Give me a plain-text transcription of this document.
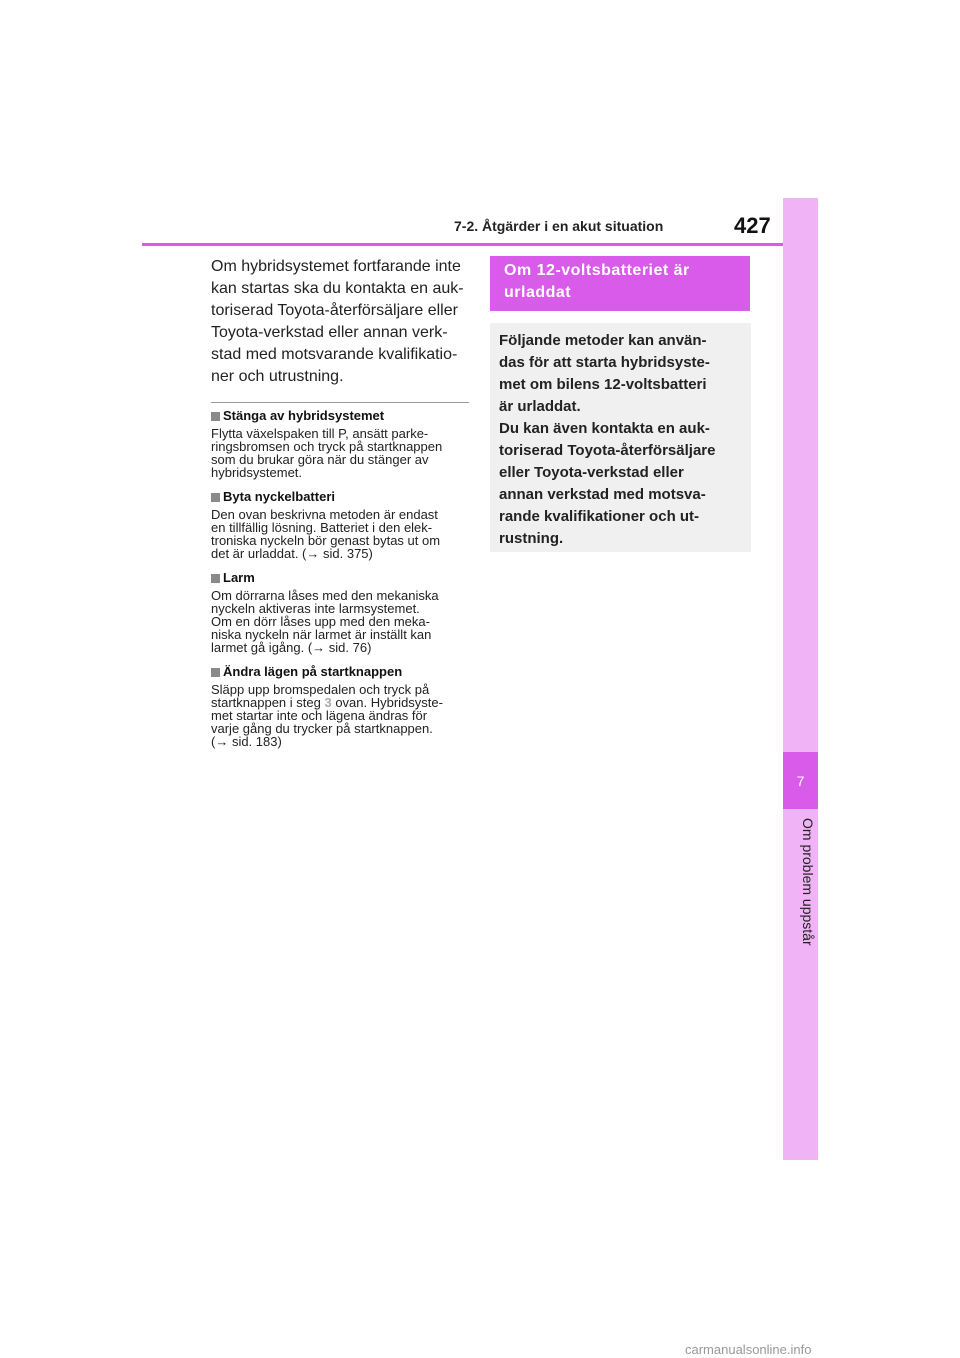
7
Om problem uppstår
7-2. Åtgärder i en akut situation	427

Om hybridsystemet fortfarande inte
kan startas ska du kontakta en auk-
toriserad Toyota-återförsäljare eller
Toyota-verkstad eller annan verk-
stad med motsvarande kvalifikatio-
ner och utrustning.

Stänga av hybridsystemet
Flytta växelspaken till P, ansätt parke-
ringsbromsen och tryck på startknappen
som du brukar göra när du stänger av
hybridsystemet.
Byta nyckelbatteri
Den ovan beskrivna metoden är endast
en tillfällig lösning. Batteriet i den elek-
troniska nyckeln bör genast bytas ut om
det är urladdat. (→ sid. 375)
Larm
Om dörrarna låses med den mekaniska
nyckeln aktiveras inte larmsystemet.
Om en dörr låses upp med den meka-
niska nyckeln när larmet är inställt kan
larmet gå igång. (→ sid. 76)
Ändra lägen på startknappen
Släpp upp bromspedalen och tryck på
startknappen i steg 3 ovan. Hybridsyste-
met startar inte och lägena ändras för
varje gång du trycker på startknappen.
(→ sid. 183)
Om 12-voltsbatteriet är
urladdat

Följande metoder kan använ-
das för att starta hybridsyste-
met om bilens 12-voltsbatteri
är urladdat.
Du kan även kontakta en auk-
toriserad Toyota-återförsäljare
eller Toyota-verkstad eller
annan verkstad med motsva-
rande kvalifikationer och ut-
rustning.

carmanualsonline.info
